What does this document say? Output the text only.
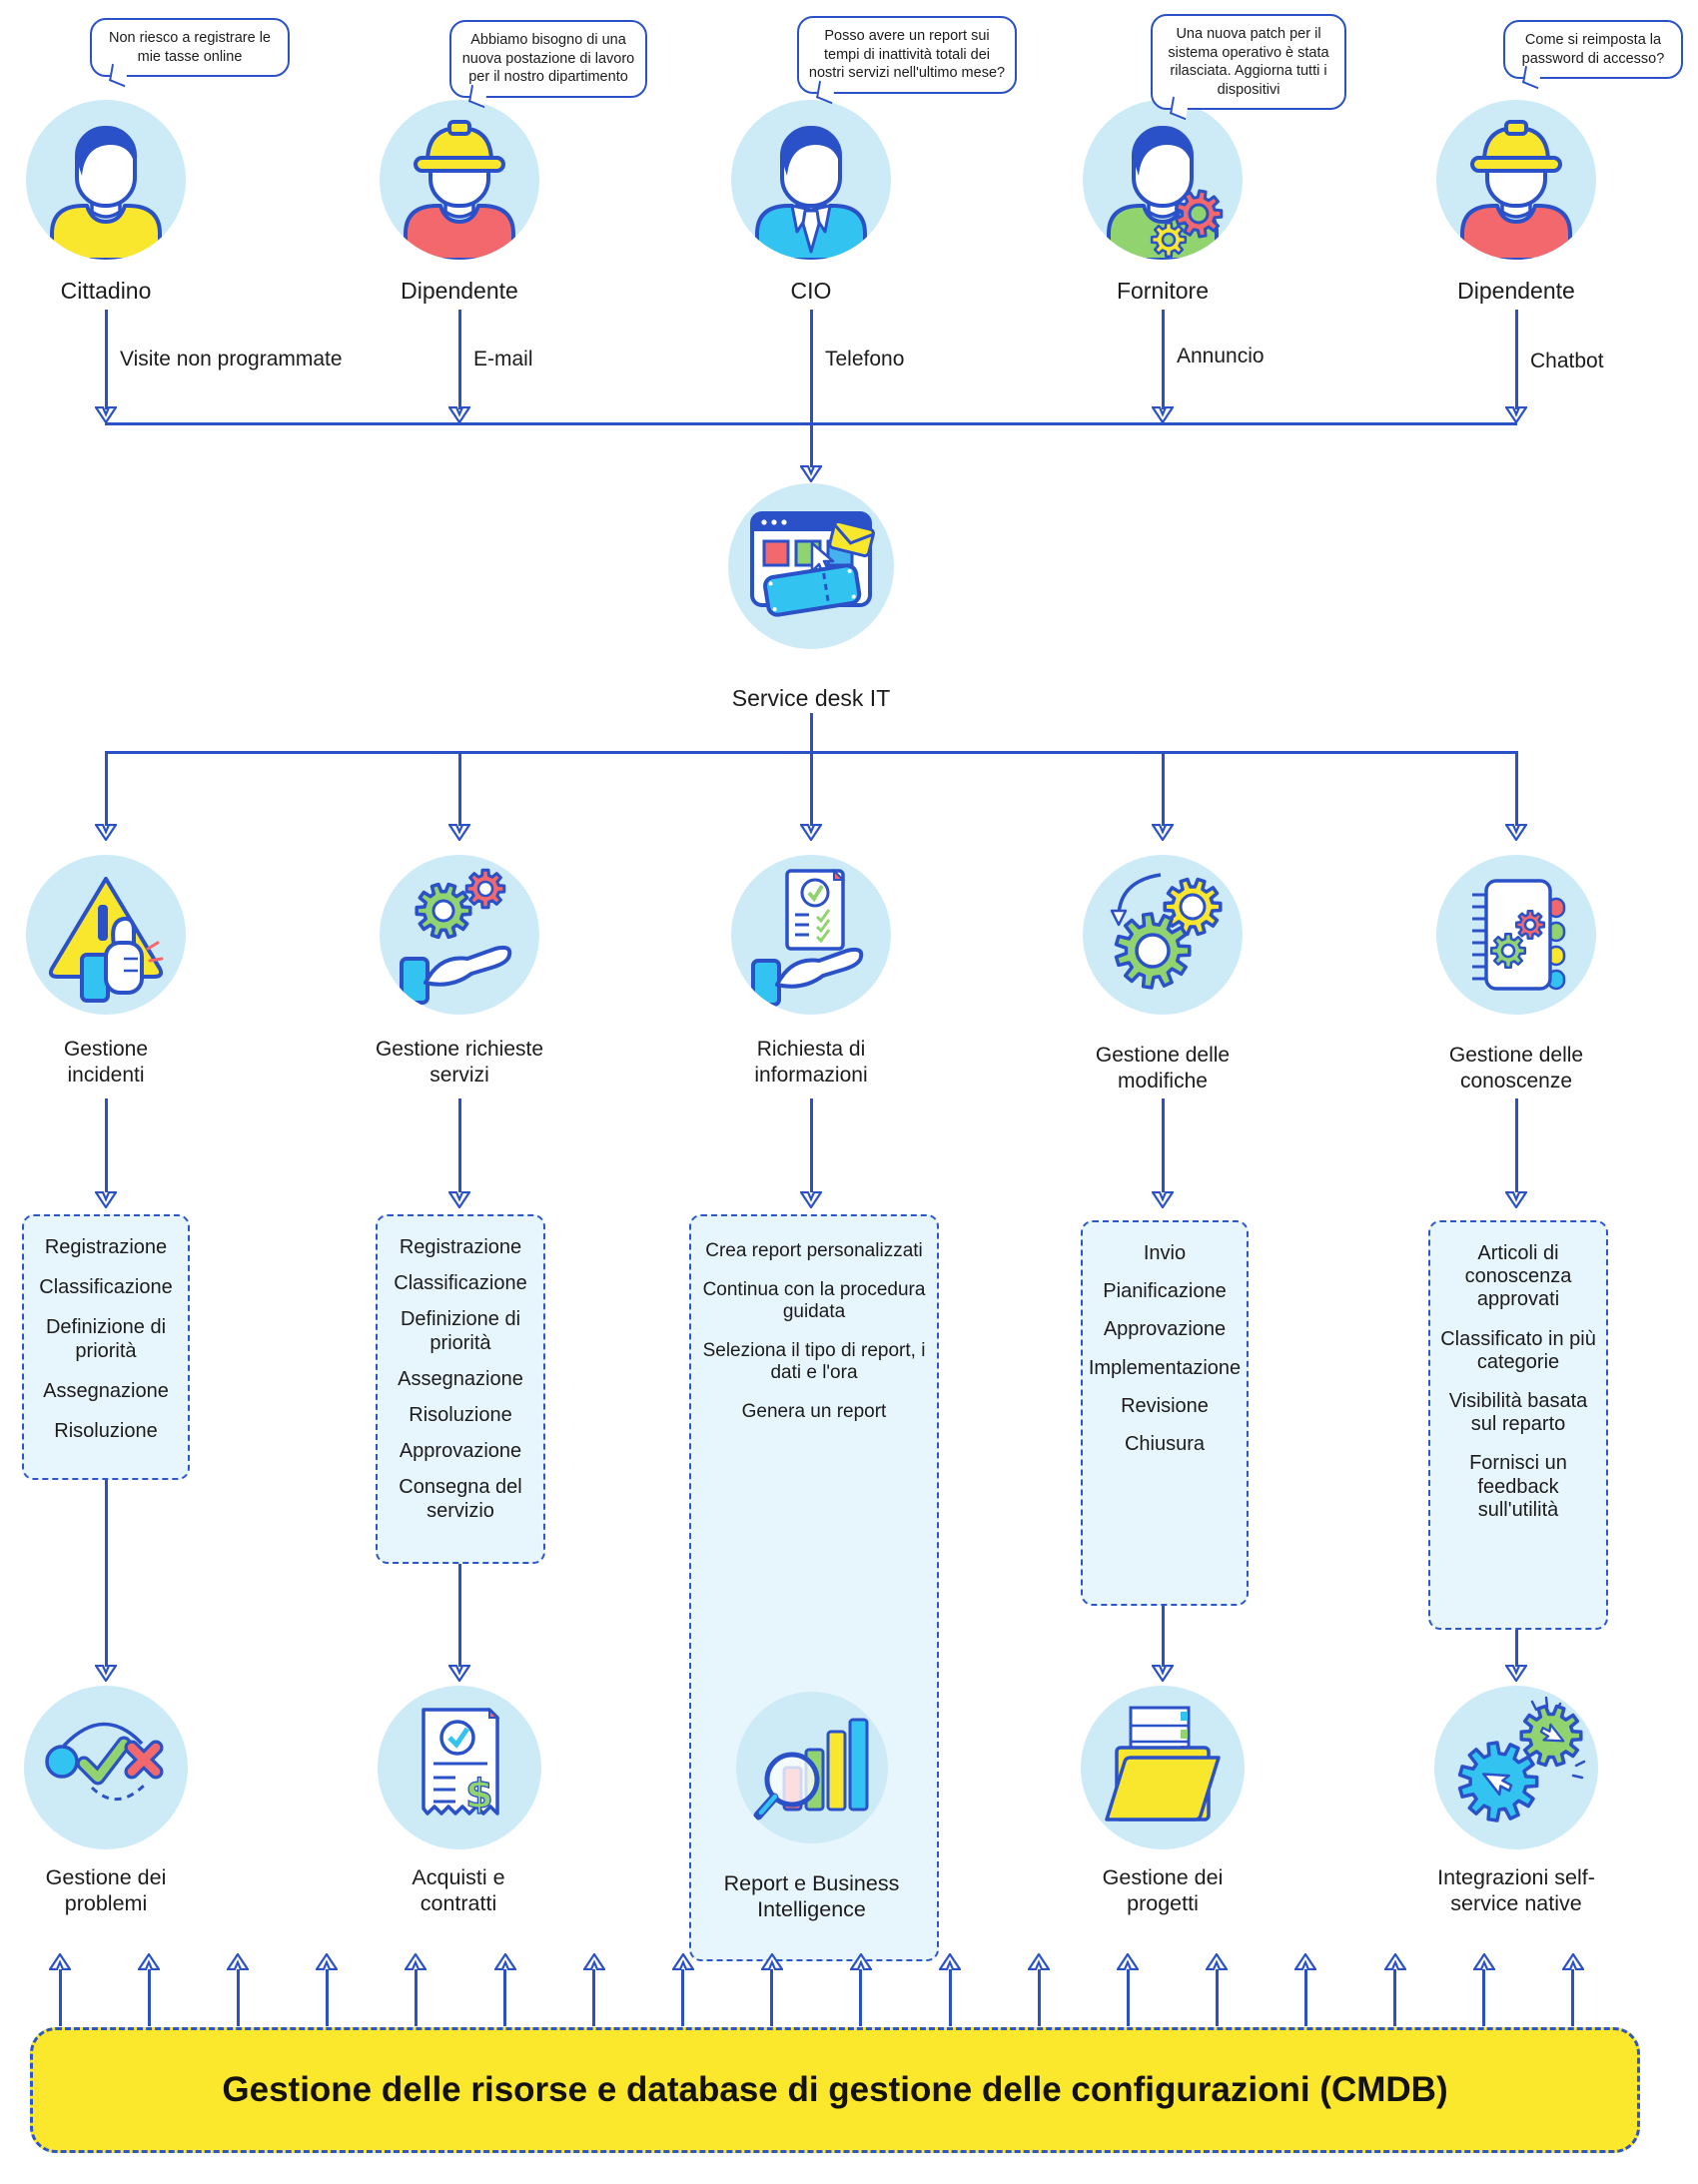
Non riesco a registrare le mie tasse online
Abbiamo bisogno di una nuova postazione di lavoro per il nostro dipartimento
Posso avere un report sui tempi di inattività totali dei nostri servizi nell'ultimo mese?
Una nuova patch per il sistema operativo è stata rilasciata. Aggiorna tutti i dispositivi
Come si reimposta la password di accesso?
Cittadino	Dipendente	CIO	Fornitore	Dipendente
Visite non programmate	E-mail	Telefono	Annuncio	Chatbot
Service desk IT
Gestione incidenti
Gestione richieste servizi
Richiesta di informazioni
Gestione delle modifiche
Gestione delle conoscenze
Registrazione
Classificazione
Definizione di priorità
Assegnazione
Risoluzione
Registrazione
Classificazione
Definizione di priorità
Assegnazione
Risoluzione
Approvazione
Consegna del servizio
Crea report personalizzati
Continua con la procedura guidata
Seleziona il tipo di report, i dati e l'ora
Genera un report
Invio
Pianificazione
Approvazione
Implementazione
Revisione
Chiusura
Articoli di conoscenza approvati
Classificato in più categorie
Visibilità basata sul reparto
Fornisci un feedback sull'utilità
$
Gestione dei problemi
Acquisti e contratti
Report e Business Intelligence
Gestione dei progetti
Integrazioni self-service native
Gestione delle risorse e database di gestione delle configurazioni (CMDB)
